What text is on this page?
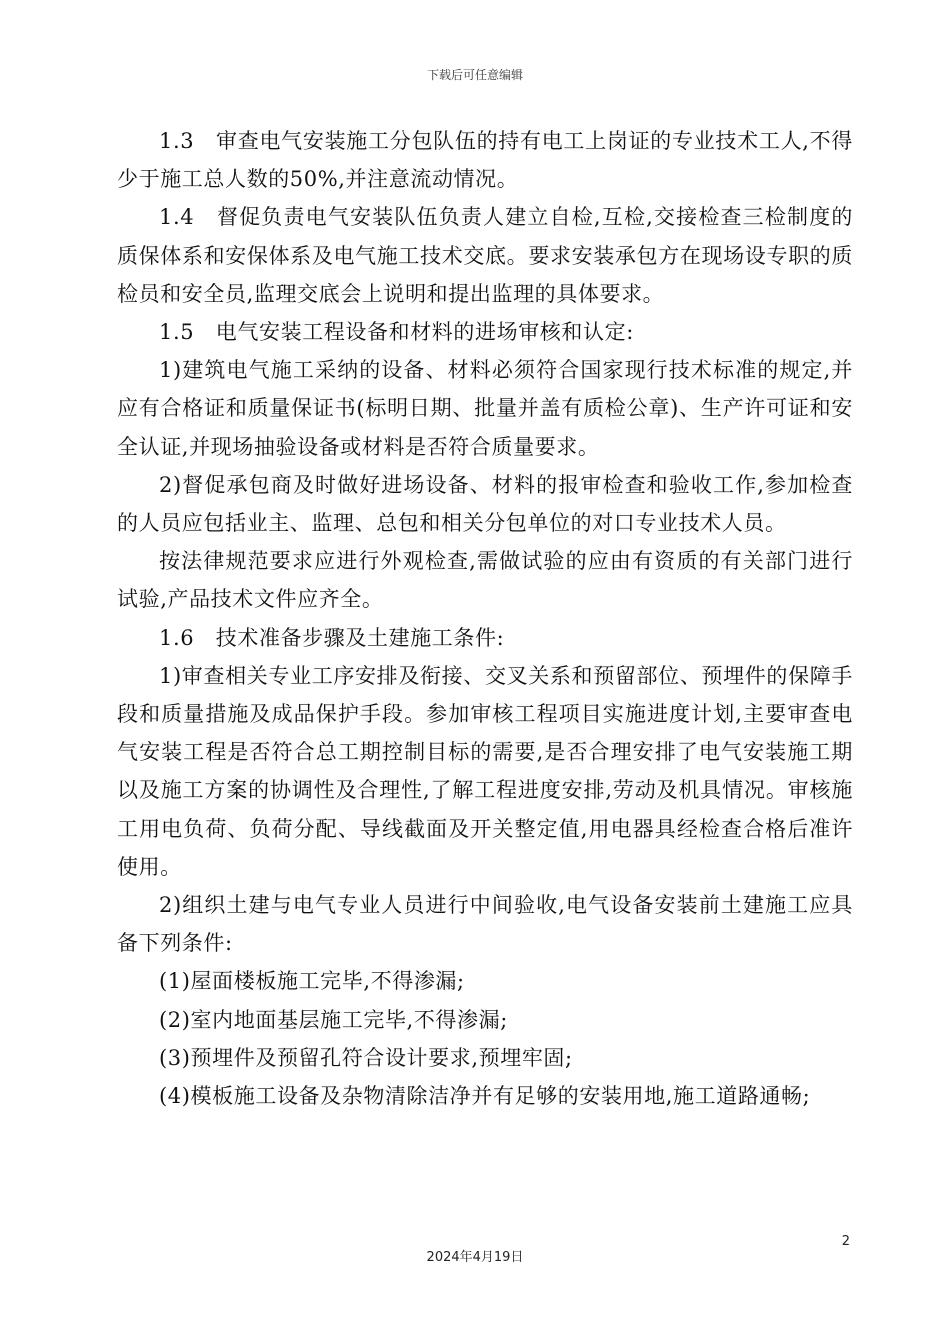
下载后可任意编辑

1.3　审查电气安装施工分包队伍的持有电工上岗证的专业技术工人,不得少于施工总人数的50%,并注意流动情况。

1.4　督促负责电气安装队伍负责人建立自检,互检,交接检查三检制度的质保体系和安保体系及电气施工技术交底。要求安装承包方在现场设专职的质检员和安全员,监理交底会上说明和提出监理的具体要求。

1.5　电气安装工程设备和材料的进场审核和认定:

1)建筑电气施工采纳的设备、材料必须符合国家现行技术标准的规定,并应有合格证和质量保证书(标明日期、批量并盖有质检公章)、生产许可证和安全认证,并现场抽验设备或材料是否符合质量要求。

2)督促承包商及时做好进场设备、材料的报审检查和验收工作,参加检查的人员应包括业主、监理、总包和相关分包单位的对口专业技术人员。

按法律规范要求应进行外观检查,需做试验的应由有资质的有关部门进行试验,产品技术文件应齐全。

1.6　技术准备步骤及土建施工条件:

1)审查相关专业工序安排及衔接、交叉关系和预留部位、预埋件的保障手段和质量措施及成品保护手段。参加审核工程项目实施进度计划,主要审查电气安装工程是否符合总工期控制目标的需要,是否合理安排了电气安装施工期以及施工方案的协调性及合理性,了解工程进度安排,劳动及机具情况。审核施工用电负荷、负荷分配、导线截面及开关整定值,用电器具经检查合格后准许使用。

2)组织土建与电气专业人员进行中间验收,电气设备安装前土建施工应具备下列条件:

(1)屋面楼板施工完毕,不得渗漏;

(2)室内地面基层施工完毕,不得渗漏;

(3)预埋件及预留孔符合设计要求,预埋牢固;

(4)模板施工设备及杂物清除洁净并有足够的安装用地,施工道路通畅;

2
2024年4月19日
